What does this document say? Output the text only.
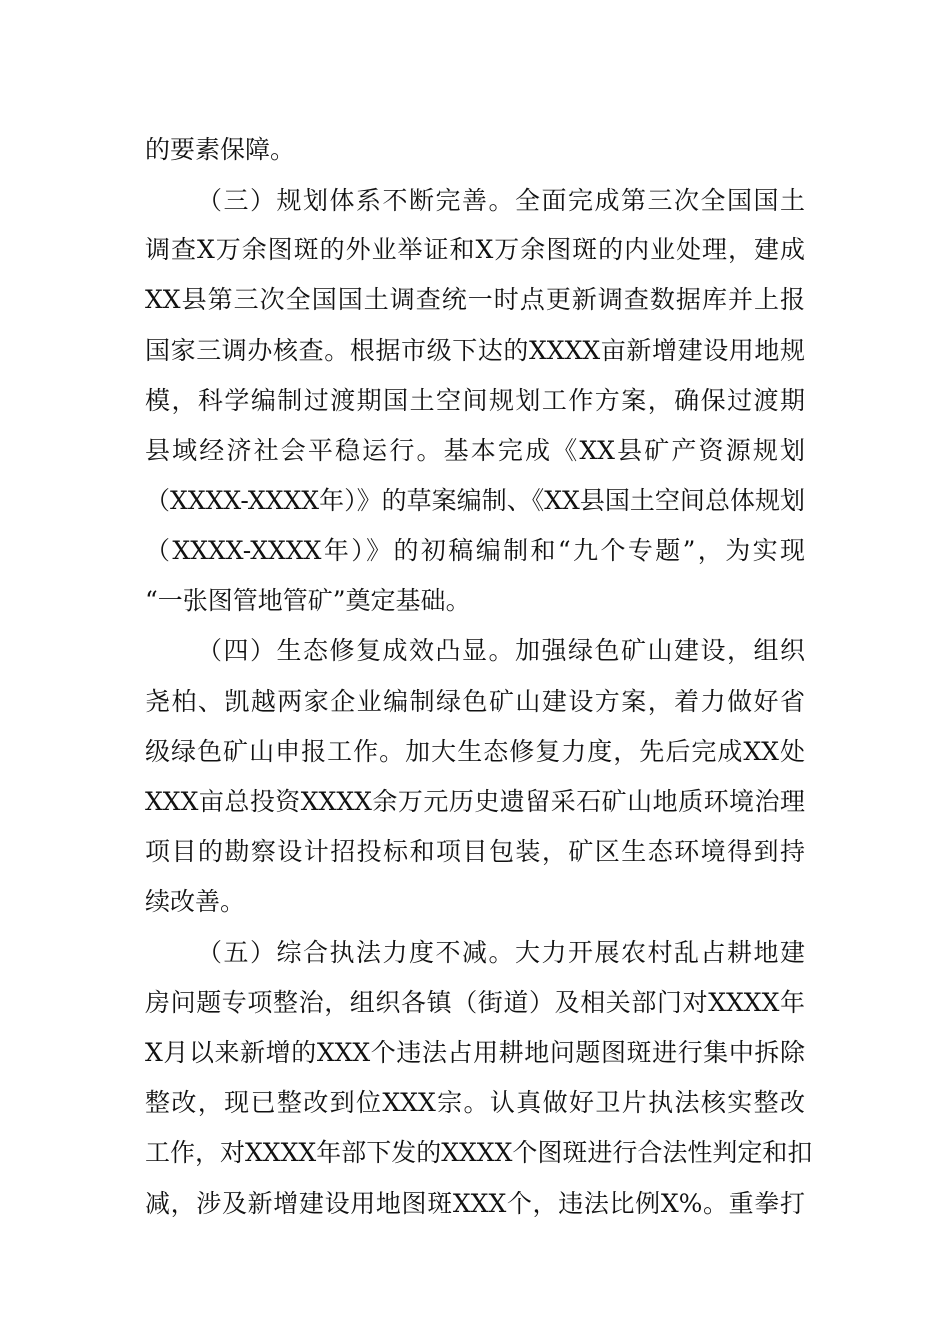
的要素保障。
（三）规划体系不断完善。全面完成第三次全国国土
调查X万余图斑的外业举证和X万余图斑的内业处理，建成
XX县第三次全国国土调查统一时点更新调查数据库并上报
国家三调办核查。根据市级下达的XXXX亩新增建设用地规
模，科学编制过渡期国土空间规划工作方案，确保过渡期
县域经济社会平稳运行。基本完成《XX县矿产资源规划
（XXXX-XXXX年）》的草案编制、《XX县国土空间总体规划
（XXXX-XXXX年）》的初稿编制和“九个专题”，为实现
“一张图管地管矿”奠定基础。
（四）生态修复成效凸显。加强绿色矿山建设，组织
尧柏、凯越两家企业编制绿色矿山建设方案，着力做好省
级绿色矿山申报工作。加大生态修复力度，先后完成XX处
XXX亩总投资XXXX余万元历史遗留采石矿山地质环境治理
项目的勘察设计招投标和项目包装，矿区生态环境得到持
续改善。
（五）综合执法力度不减。大力开展农村乱占耕地建
房问题专项整治，组织各镇（街道）及相关部门对XXXX年
X月以来新增的XXX个违法占用耕地问题图斑进行集中拆除
整改，现已整改到位XXX宗。认真做好卫片执法核实整改
工作，对XXXX年部下发的XXXX个图斑进行合法性判定和扣
减，涉及新增建设用地图斑XXX个，违法比例X%。重拳打
